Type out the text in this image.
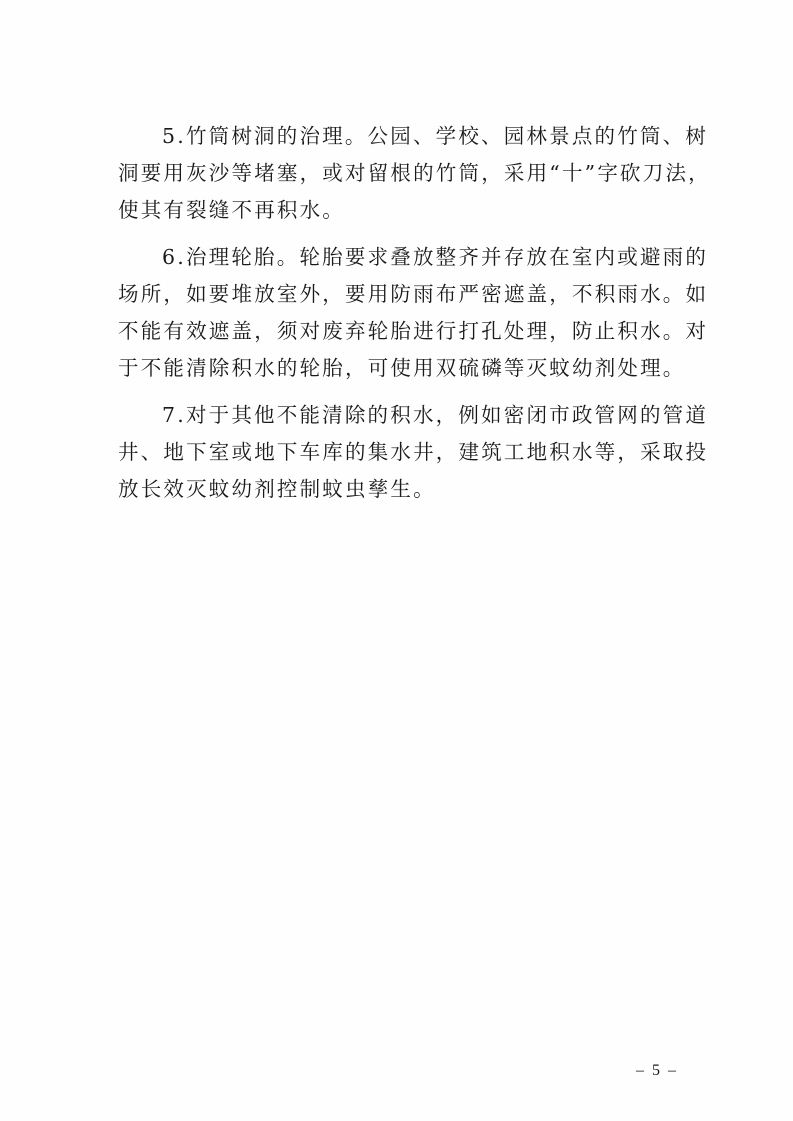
5.竹筒树洞的治理。公园、学校、园林景点的竹筒、树
洞要用灰沙等堵塞，或对留根的竹筒，采用“十”字砍刀法，
使其有裂缝不再积水。
6.治理轮胎。轮胎要求叠放整齐并存放在室内或避雨的
场所，如要堆放室外，要用防雨布严密遮盖，不积雨水。如
不能有效遮盖，须对废弃轮胎进行打孔处理，防止积水。对
于不能清除积水的轮胎，可使用双硫磷等灭蚊幼剂处理。
7.对于其他不能清除的积水，例如密闭市政管网的管道
井、地下室或地下车库的集水井，建筑工地积水等，采取投
放长效灭蚊幼剂控制蚊虫孳生。
– 5 –
